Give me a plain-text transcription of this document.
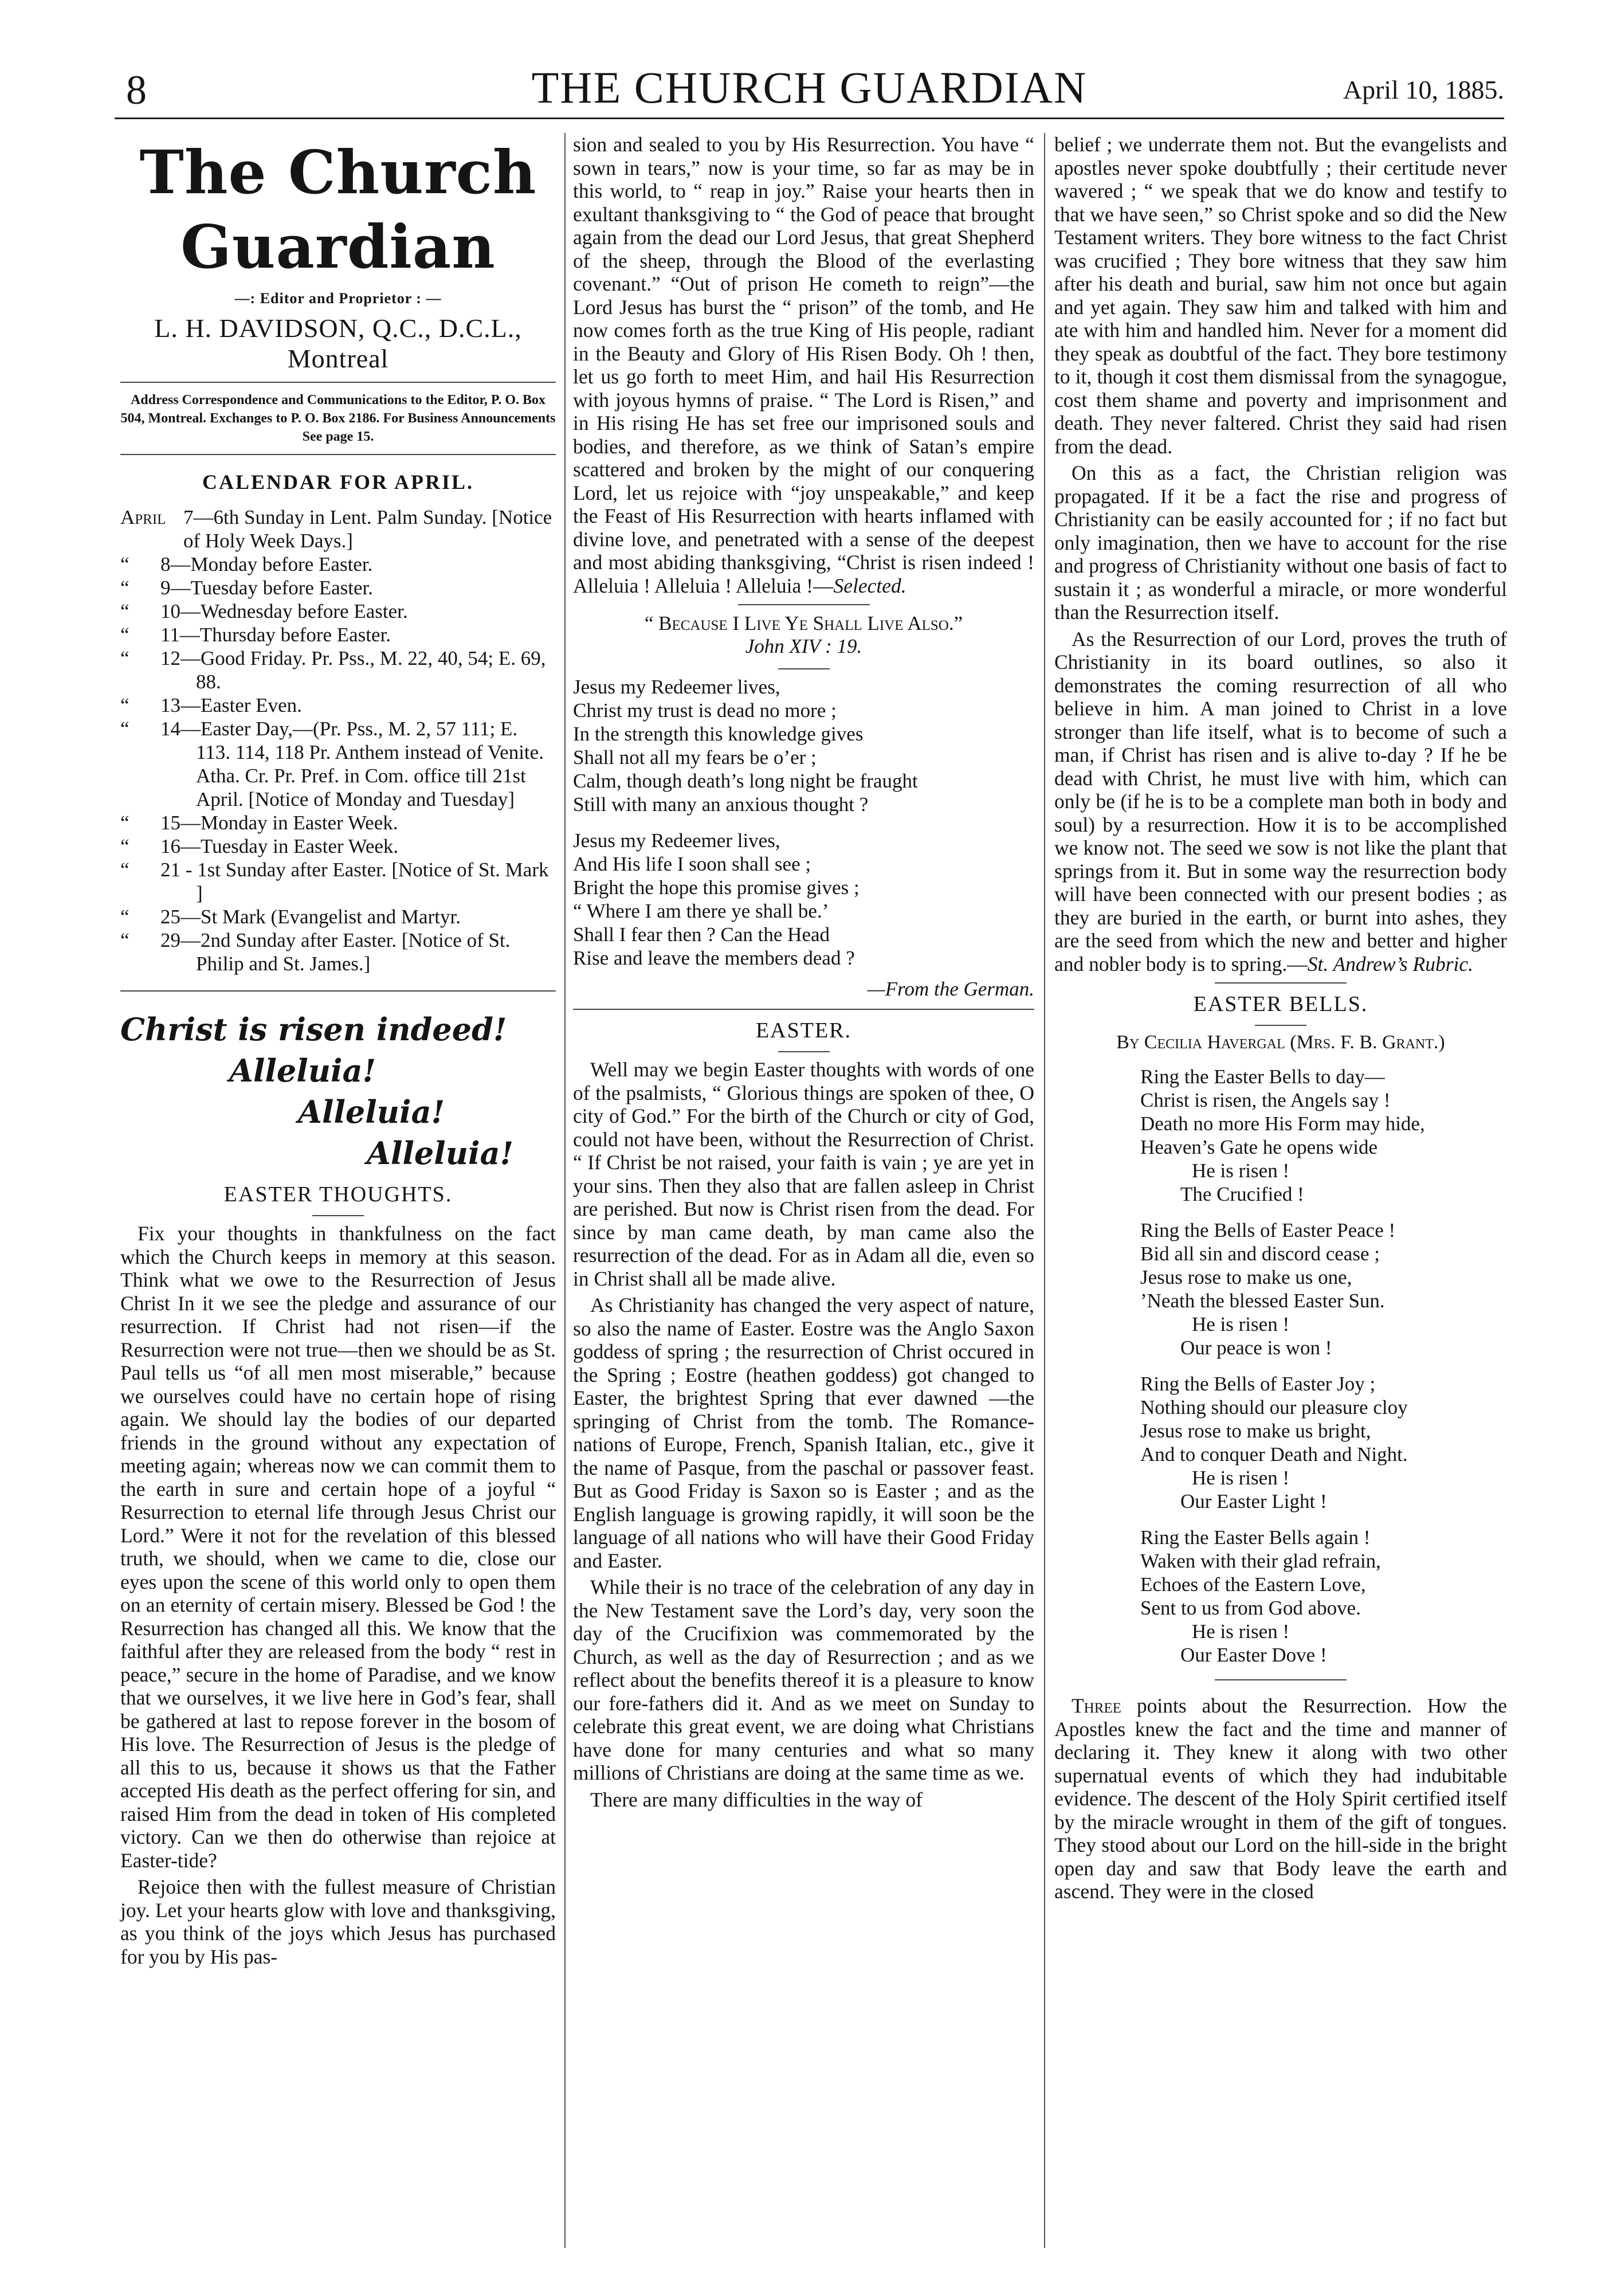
8	THE CHURCH GUARDIAN	April 10, 1885.
The Church Guardian
—: Editor and Proprietor : —
L. H. DAVIDSON, Q.C., D.C.L., Montreal
Address Correspondence and Communications to the Editor, P. O. Box 504, Montreal. Exchanges to P. O. Box 2186. For Business Announcements See page 15.
CALENDAR FOR APRIL.
April 7—6th Sunday in Lent. Palm Sunday. [Notice of Holy Week Days.]
“	8—Monday before Easter.
“	9—Tuesday before Easter.
“	10—Wednesday before Easter.
“	11—Thursday before Easter.
“	12—Good Friday. Pr. Pss., M. 22, 40, 54; E. 69, 88.
“	13—Easter Even.
“	14—Easter Day,—(Pr. Pss., M. 2, 57 111; E. 113. 114, 118 Pr. Anthem instead of Venite. Atha. Cr. Pr. Pref. in Com. office till 21st April. [Notice of Monday and Tuesday]
“	15—Monday in Easter Week.
“	16—Tuesday in Easter Week.
“	21 - 1st Sunday after Easter. [Notice of St. Mark ]
“	25—St Mark (Evangelist and Martyr.
“	29—2nd Sunday after Easter. [Notice of St. Philip and St. James.]
Christ is risen indeed!
Alleluia!
Alleluia!
Alleluia!
EASTER THOUGHTS.

Fix your thoughts in thankfulness on the fact which the Church keeps in memory at this season. Think what we owe to the Resurrection of Jesus Christ In it we see the pledge and assurance of our resurrection. If Christ had not risen—if the Resurrection were not true—then we should be as St. Paul tells us “of all men most miserable,” because we ourselves could have no certain hope of rising again. We should lay the bodies of our departed friends in the ground without any expectation of meeting again; whereas now we can commit them to the earth in sure and certain hope of a joyful “ Resurrection to eternal life through Jesus Christ our Lord.” Were it not for the revelation of this blessed truth, we should, when we came to die, close our eyes upon the scene of this world only to open them on an eternity of certain misery. Blessed be God ! the Resurrection has changed all this. We know that the faithful after they are released from the body “ rest in peace,” secure in the home of Paradise, and we know that we ourselves, it we live here in God’s fear, shall be gathered at last to repose forever in the bosom of His love. The Resurrection of Jesus is the pledge of all this to us, because it shows us that the Father accepted His death as the perfect offering for sin, and raised Him from the dead in token of His completed victory. Can we then do otherwise than rejoice at Easter-tide?

Rejoice then with the fullest measure of Christian joy. Let your hearts glow with love and thanksgiving, as you think of the joys which Jesus has purchased for you by His pas-

sion and sealed to you by His Resurrection. You have “ sown in tears,” now is your time, so far as may be in this world, to “ reap in joy.” Raise your hearts then in exultant thanksgiving to “ the God of peace that brought again from the dead our Lord Jesus, that great Shepherd of the sheep, through the Blood of the everlasting covenant.” “Out of prison He cometh to reign”—the Lord Jesus has burst the “ prison” of the tomb, and He now comes forth as the true King of His people, radiant in the Beauty and Glory of His Risen Body. Oh ! then, let us go forth to meet Him, and hail His Resurrection with joyous hymns of praise. “ The Lord is Risen,” and in His rising He has set free our imprisoned souls and bodies, and therefore, as we think of Satan’s empire scattered and broken by the might of our conquering Lord, let us rejoice with “joy unspeakable,” and keep the Feast of His Resurrection with hearts inflamed with divine love, and penetrated with a sense of the deepest and most abiding thanksgiving, “Christ is risen indeed ! Alleluia ! Alleluia ! Alleluia !—Selected.

“ Because I Live Ye Shall Live Also.”
John XIV : 19.
Jesus my Redeemer lives,
Christ my trust is dead no more ;
In the strength this knowledge gives
Shall not all my fears be o’er ;
Calm, though death’s long night be fraught
Still with many an anxious thought ?
Jesus my Redeemer lives,
And His life I soon shall see ;
Bright the hope this promise gives ;
“ Where I am there ye shall be.’
Shall I fear then ? Can the Head
Rise and leave the members dead ?
—From the German.
EASTER.

Well may we begin Easter thoughts with words of one of the psalmists, “ Glorious things are spoken of thee, O city of God.” For the birth of the Church or city of God, could not have been, without the Resurrection of Christ. “ If Christ be not raised, your faith is vain ; ye are yet in your sins. Then they also that are fallen asleep in Christ are perished. But now is Christ risen from the dead. For since by man came death, by man came also the resurrection of the dead. For as in Adam all die, even so in Christ shall all be made alive.

As Christianity has changed the very aspect of nature, so also the name of Easter. Eostre was the Anglo Saxon goddess of spring ; the resurrection of Christ occured in the Spring ; Eostre (heathen goddess) got changed to Easter, the brightest Spring that ever dawned —the springing of Christ from the tomb. The Romance-nations of Europe, French, Spanish Italian, etc., give it the name of Pasque, from the paschal or passover feast. But as Good Friday is Saxon so is Easter ; and as the English language is growing rapidly, it will soon be the language of all nations who will have their Good Friday and Easter.

While their is no trace of the celebration of any day in the New Testament save the Lord’s day, very soon the day of the Crucifixion was commemorated by the Church, as well as the day of Resurrection ; and as we reflect about the benefits thereof it is a pleasure to know our fore-fathers did it. And as we meet on Sunday to celebrate this great event, we are doing what Christians have done for many centuries and what so many millions of Christians are doing at the same time as we.

There are many difficulties in the way of

belief ; we underrate them not. But the evangelists and apostles never spoke doubtfully ; their certitude never wavered ; “ we speak that we do know and testify to that we have seen,” so Christ spoke and so did the New Testament writers. They bore witness to the fact Christ was crucified ; They bore witness that they saw him after his death and burial, saw him not once but again and yet again. They saw him and talked with him and ate with him and handled him. Never for a moment did they speak as doubtful of the fact. They bore testimony to it, though it cost them dismissal from the synagogue, cost them shame and poverty and imprisonment and death. They never faltered. Christ they said had risen from the dead.

On this as a fact, the Christian religion was propagated. If it be a fact the rise and progress of Christianity can be easily accounted for ; if no fact but only imagination, then we have to account for the rise and progress of Christianity without one basis of fact to sustain it ; as wonderful a miracle, or more wonderful than the Resurrection itself.

As the Resurrection of our Lord, proves the truth of Christianity in its board outlines, so also it demonstrates the coming resurrection of all who believe in him. A man joined to Christ in a love stronger than life itself, what is to become of such a man, if Christ has risen and is alive to-day ? If he be dead with Christ, he must live with him, which can only be (if he is to be a complete man both in body and soul) by a resurrection. How it is to be accomplished we know not. The seed we sow is not like the plant that springs from it. But in some way the resurrection body will have been connected with our present bodies ; as they are buried in the earth, or burnt into ashes, they are the seed from which the new and better and higher and nobler body is to spring.—St. Andrew’s Rubric.

EASTER BELLS.
By Cecilia Havergal (Mrs. F. B. Grant.)
Ring the Easter Bells to day—
Christ is risen, the Angels say !
Death no more His Form may hide,
Heaven’s Gate he opens wide
He is risen !
The Crucified !
Ring the Bells of Easter Peace !
Bid all sin and discord cease ;
Jesus rose to make us one,
’Neath the blessed Easter Sun.
He is risen !
Our peace is won !
Ring the Bells of Easter Joy ;
Nothing should our pleasure cloy
Jesus rose to make us bright,
And to conquer Death and Night.
He is risen !
Our Easter Light !
Ring the Easter Bells again !
Waken with their glad refrain,
Echoes of the Eastern Love,
Sent to us from God above.
He is risen !
Our Easter Dove !

Three points about the Resurrection. How the Apostles knew the fact and the time and manner of declaring it. They knew it along with two other supernatual events of which they had indubitable evidence. The descent of the Holy Spirit certified itself by the miracle wrought in them of the gift of tongues. They stood about our Lord on the hill-side in the bright open day and saw that Body leave the earth and ascend. They were in the closed
